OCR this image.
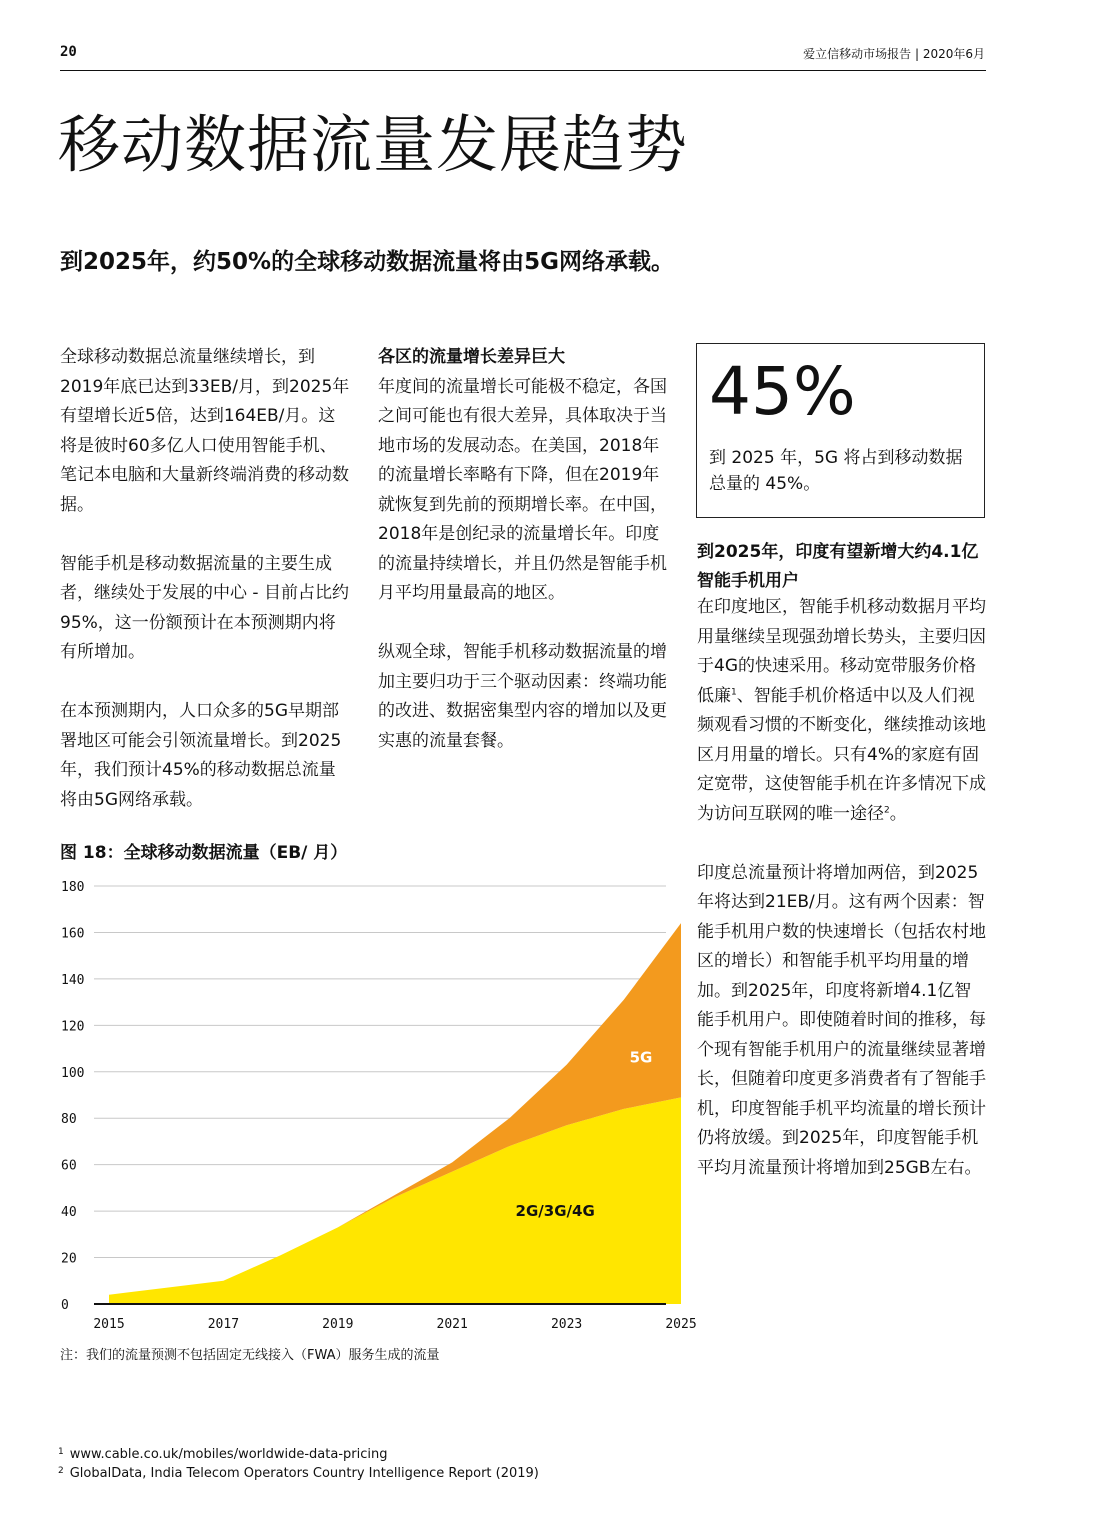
20	爱立信移动市场报告 | 2020年6月
移动数据流量发展趋势
到2025年，约50%的全球移动数据流量将由5G网络承载。

全球移动数据总流量继续增长，到2019年底已达到33EB/月，到2025年有望增长近5倍，达到164EB/月。这将是彼时60多亿人口使用智能手机、笔记本电脑和大量新终端消费的移动数据。

智能手机是移动数据流量的主要生成者，继续处于发展的中心 - 目前占比约95%，这一份额预计在本预测期内将有所增加。

在本预测期内，人口众多的5G早期部署地区可能会引领流量增长。到2025年，我们预计45%的移动数据总流量将由5G网络承载。

各区的流量增长差异巨大

年度间的流量增长可能极不稳定，各国之间可能也有很大差异，具体取决于当地市场的发展动态。在美国，2018年的流量增长率略有下降，但在2019年就恢复到先前的预期增长率。在中国，2018年是创纪录的流量增长年。印度的流量持续增长，并且仍然是智能手机月平均用量最高的地区。

纵观全球，智能手机移动数据流量的增加主要归功于三个驱动因素：终端功能的改进、数据密集型内容的增加以及更实惠的流量套餐。

45%
到 2025 年，5G 将占到移动数据总量的 45%。
到2025年，印度有望新增大约4.1亿智能手机用户

在印度地区，智能手机移动数据月平均用量继续呈现强劲增长势头，主要归因于4G的快速采用。移动宽带服务价格低廉$^1$、智能手机价格适中以及人们视频观看习惯的不断变化，继续推动该地区月用量的增长。只有4%的家庭有固定宽带，这使智能手机在许多情况下成为访问互联网的唯一途径$^2$。

印度总流量预计将增加两倍，到2025年将达到21EB/月。这有两个因素：智能手机用户数的快速增长（包括农村地区的增长）和智能手机平均用量的增加。到2025年，印度将新增4.1亿智能手机用户。即使随着时间的推移，每个现有智能手机用户的流量继续显著增长，但随着印度更多消费者有了智能手机，印度智能手机平均流量的增长预计仍将放缓。到2025年，印度智能手机平均月流量预计将增加到25GB左右。

图 18：全球移动数据流量（EB/ 月）
0
20
40
60
80
100
120
140
160
180
2015	2017	2019	2021	2023	2025
2G/3G/4G
5G
注：我们的流量预测不包括固定无线接入（FWA）服务生成的流量
$^1$ www.cable.co.uk/mobiles/worldwide-data-pricing
$^2$ GlobalData, India Telecom Operators Country Intelligence Report (2019)
